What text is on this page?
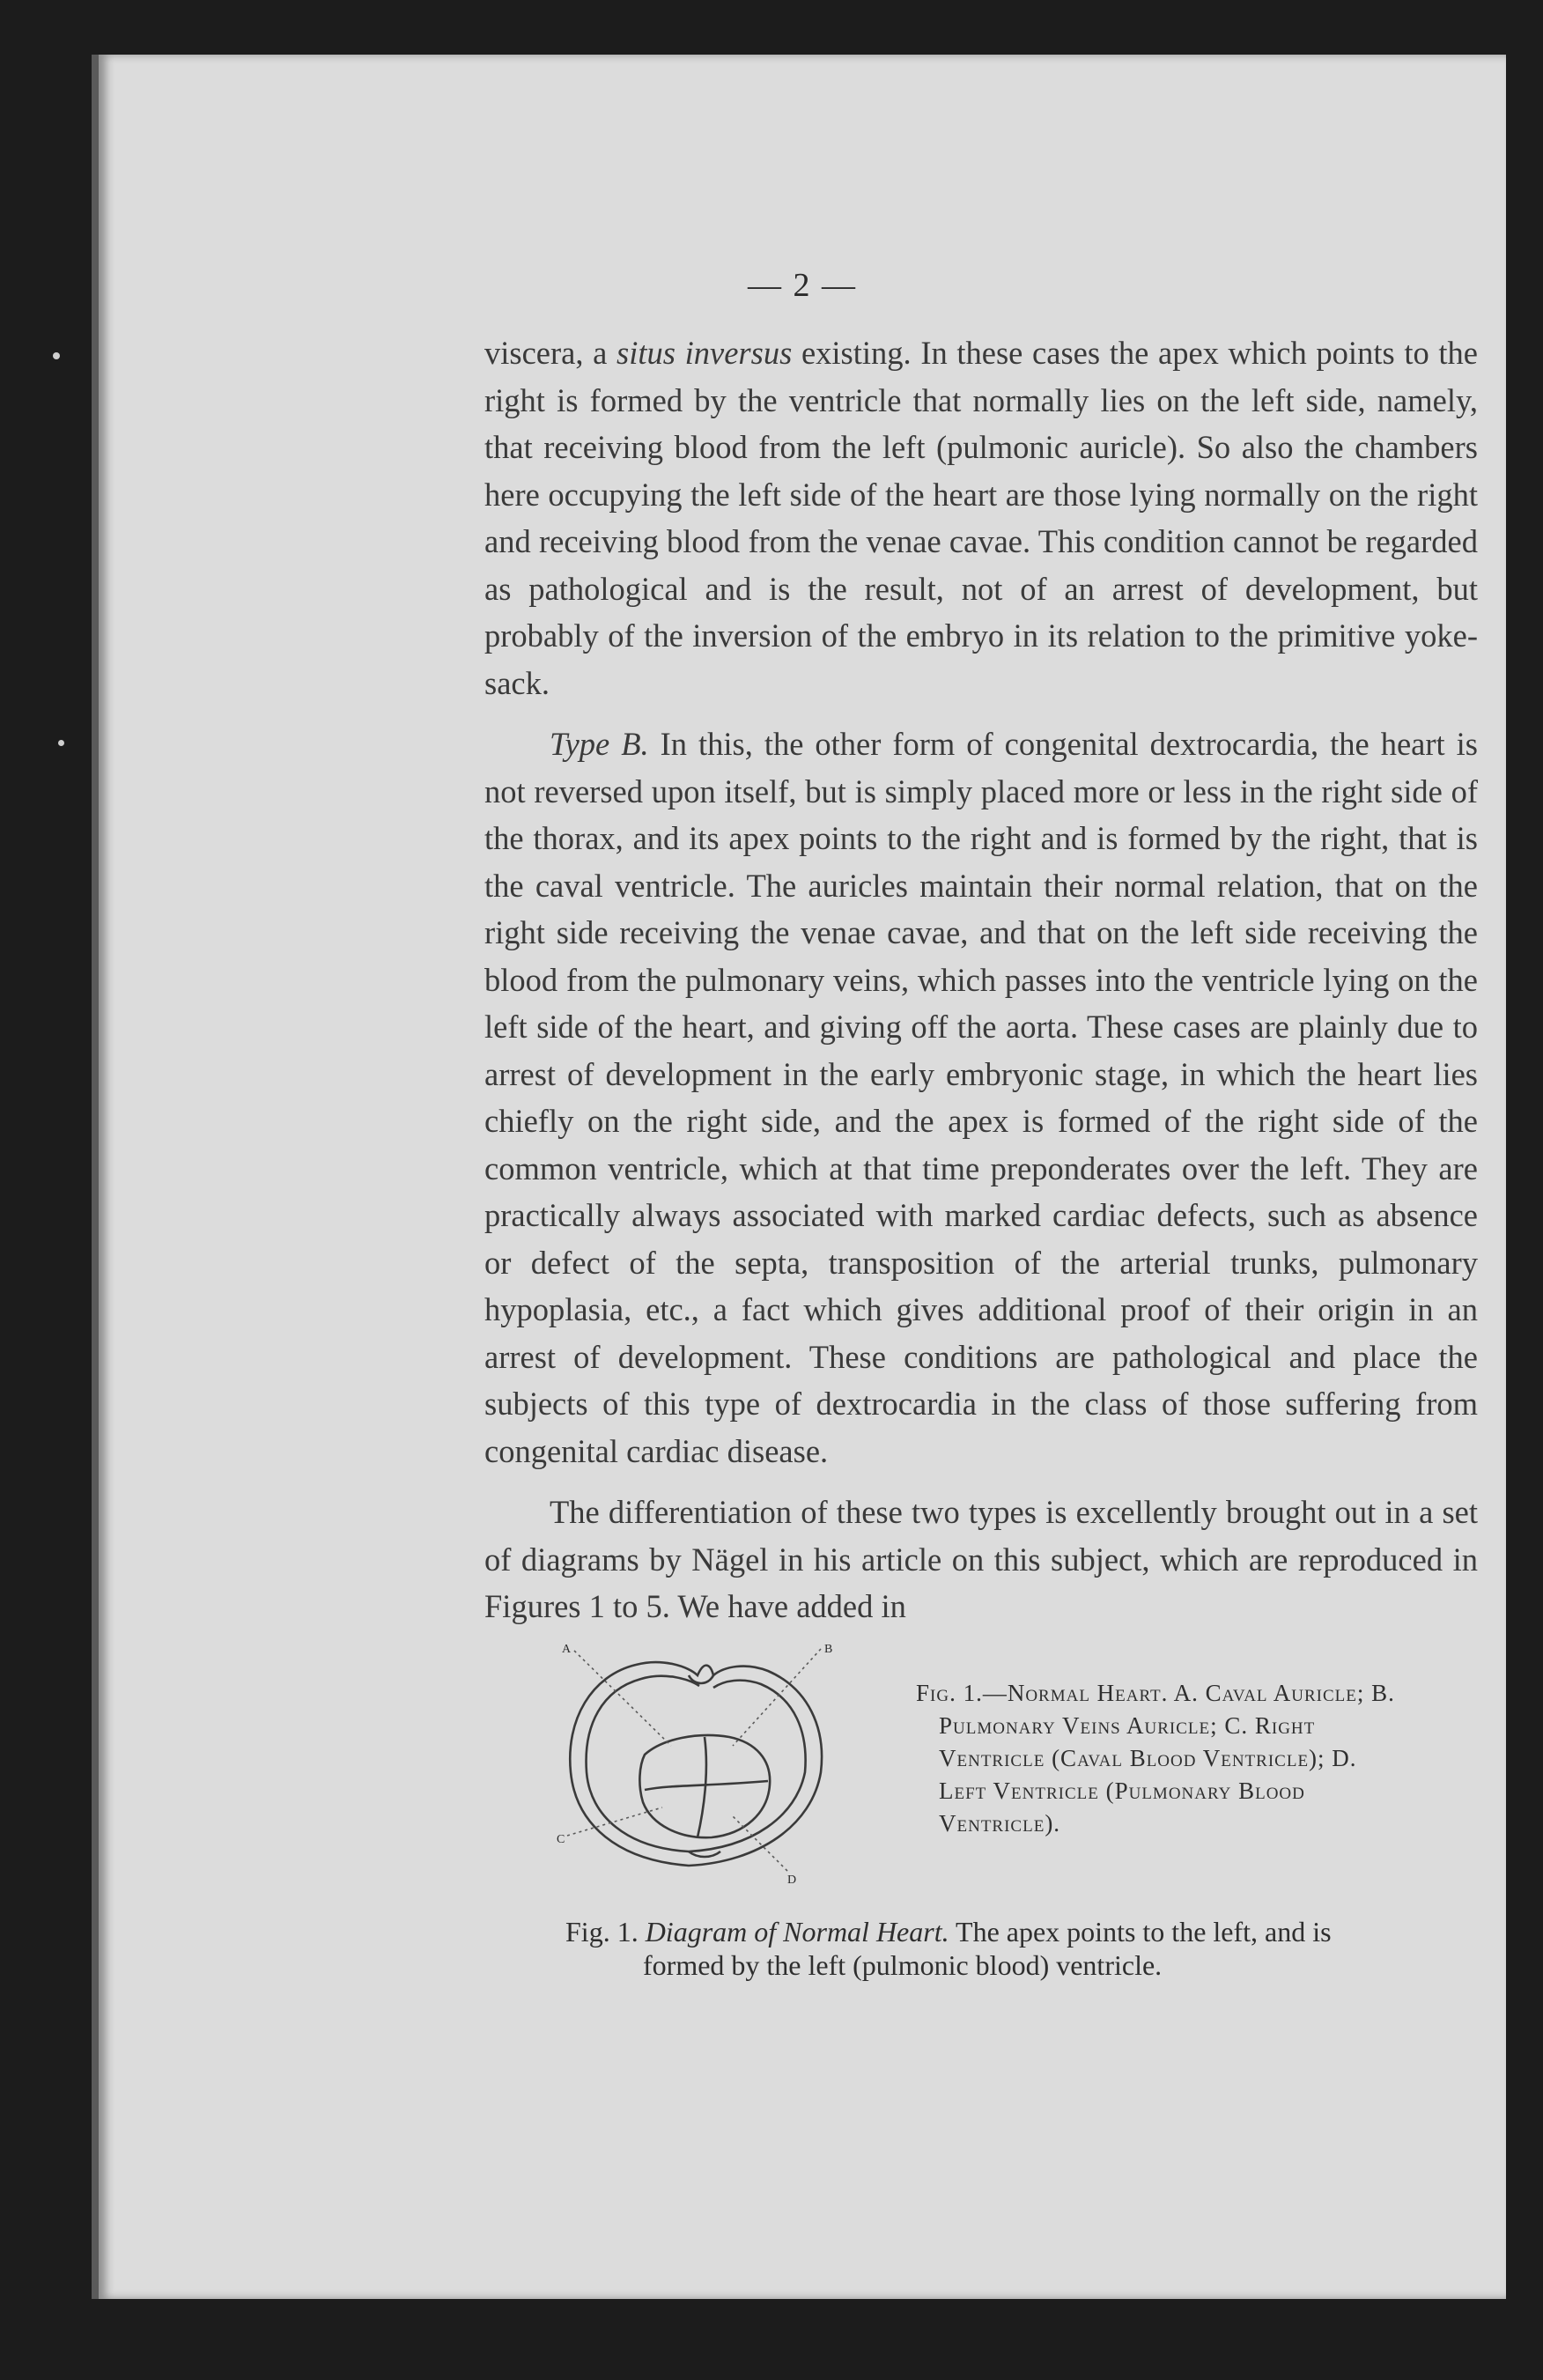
— 2 —

viscera, a situs inversus existing. In these cases the apex which points to the right is formed by the ventricle that normally lies on the left side, namely, that receiving blood from the left (pulmonic auricle). So also the chambers here occupying the left side of the heart are those lying normally on the right and receiving blood from the venae cavae. This condition cannot be regarded as pathological and is the result, not of an arrest of development, but probably of the inversion of the embryo in its relation to the primitive yoke-sack.

Type B. In this, the other form of congenital dextrocardia, the heart is not reversed upon itself, but is simply placed more or less in the right side of the thorax, and its apex points to the right and is formed by the right, that is the caval ventricle. The auricles maintain their normal relation, that on the right side receiving the venae cavae, and that on the left side receiving the blood from the pulmonary veins, which passes into the ventricle lying on the left side of the heart, and giving off the aorta. These cases are plainly due to arrest of development in the early embryonic stage, in which the heart lies chiefly on the right side, and the apex is formed of the right side of the common ventricle, which at that time preponderates over the left. They are practically always associated with marked cardiac defects, such as absence or defect of the septa, transposition of the arterial trunks, pulmonary hypoplasia, etc., a fact which gives additional proof of their origin in an arrest of development. These conditions are pathological and place the subjects of this type of dextrocardia in the class of those suffering from congenital cardiac disease.

The differentiation of these two types is excellently brought out in a set of diagrams by Nägel in his article on this subject, which are reproduced in Figures 1 to 5. We have added in

A	B
C
D

Fig. 1.—Normal Heart. A. Caval Auricle; B. Pulmonary Veins Auricle; C. Right Ventricle (Caval Blood Ventricle); D. Left Ventricle (Pulmonary Blood Ventricle).

Fig. 1. Diagram of Normal Heart. The apex points to the left, and is
formed by the left (pulmonic blood) ventricle.
